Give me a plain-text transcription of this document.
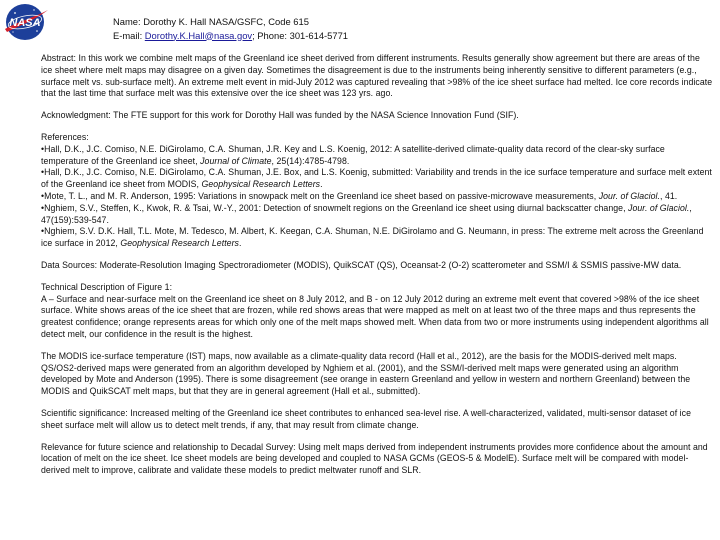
NASA	Name: Dorothy K. Hall NASA/GSFC, Code 615
E-mail: Dorothy.K.Hall@nasa.gov; Phone: 301-614-5771

Abstract: In this work we combine melt maps of the Greenland ice sheet derived from different instruments. Results generally show agreement but there are areas of the ice sheet where melt maps may disagree on a given day. Sometimes the disagreement is due to the instruments being inherently sensitive to different parameters (e.g., surface melt vs. sub-surface melt). An extreme melt event in mid-July 2012 was captured revealing that >98% of the ice sheet surface had melted. Ice core records indicate that the last time that surface melt was this extensive over the ice sheet was 123 yrs. ago.

Acknowledgment: The FTE support for this work for Dorothy Hall was funded by the NASA Science Innovation Fund (SIF).

References:
•Hall, D.K., J.C. Comiso, N.E. DiGirolamo, C.A. Shuman, J.R. Key and L.S. Koenig, 2012: A satellite-derived climate-quality data record of the clear-sky surface temperature of the Greenland ice sheet, Journal of Climate, 25(14):4785-4798.
•Hall, D.K., J.C. Comiso, N.E. DiGirolamo, C.A. Shuman, J.E. Box, and L.S. Koenig, submitted: Variability and trends in the ice surface temperature and surface melt extent of the Greenland ice sheet from MODIS, Geophysical Research Letters.
•Mote, T. L., and M. R. Anderson, 1995: Variations in snowpack melt on the Greenland ice sheet based on passive-microwave measurements, Jour. of Glaciol., 41.
•Nghiem, S.V., Steffen, K., Kwok, R. & Tsai, W.-Y., 2001: Detection of snowmelt regions on the Greenland ice sheet using diurnal backscatter change, Jour. of Glaciol., 47(159):539-547.
•Nghiem, S.V. D.K. Hall, T.L. Mote, M. Tedesco, M. Albert, K. Keegan, C.A. Shuman, N.E. DiGirolamo and G. Neumann, in press: The extreme melt across the Greenland ice surface in 2012, Geophysical Research Letters.

Data Sources: Moderate-Resolution Imaging Spectroradiometer (MODIS), QuikSCAT (QS), Oceansat-2 (O-2) scatterometer and SSM/I & SSMIS passive-MW data.

Technical Description of Figure 1:
A – Surface and near-surface melt on the Greenland ice sheet on 8 July 2012, and B - on 12 July 2012 during an extreme melt event that covered >98% of the ice sheet surface. White shows areas of the ice sheet that are frozen, while red shows areas that were mapped as melt on at least two of the three maps and thus represents the greatest confidence; orange represents areas for which only one of the melt maps showed melt. When data from two or more instruments using independent algorithms all detect melt, our confidence in the result is the highest.

The MODIS ice-surface temperature (IST) maps, now available as a climate-quality data record (Hall et al., 2012), are the basis for the MODIS-derived melt maps. QS/OS2-derived maps were generated from an algorithm developed by Nghiem et al. (2001), and the SSM/I-derived melt maps were generated using an algorithm developed by Mote and Anderson (1995). There is some disagreement (see orange in eastern Greenland and yellow in western and northern Greenland) between the MODIS and QuikSCAT melt maps, but that they are in general agreement (Hall et al., submitted).

Scientific significance: Increased melting of the Greenland ice sheet contributes to enhanced sea-level rise. A well-characterized, validated, multi-sensor dataset of ice sheet surface melt will allow us to detect melt trends, if any, that may result from climate change.

Relevance for future science and relationship to Decadal Survey: Using melt maps derived from independent instruments provides more confidence about the amount and location of melt on the ice sheet. Ice sheet models are being developed and coupled to NASA GCMs (GEOS-5 & ModelE). Surface melt will be compared with model-derived melt to improve, calibrate and validate these models to predict meltwater runoff and SLR.
